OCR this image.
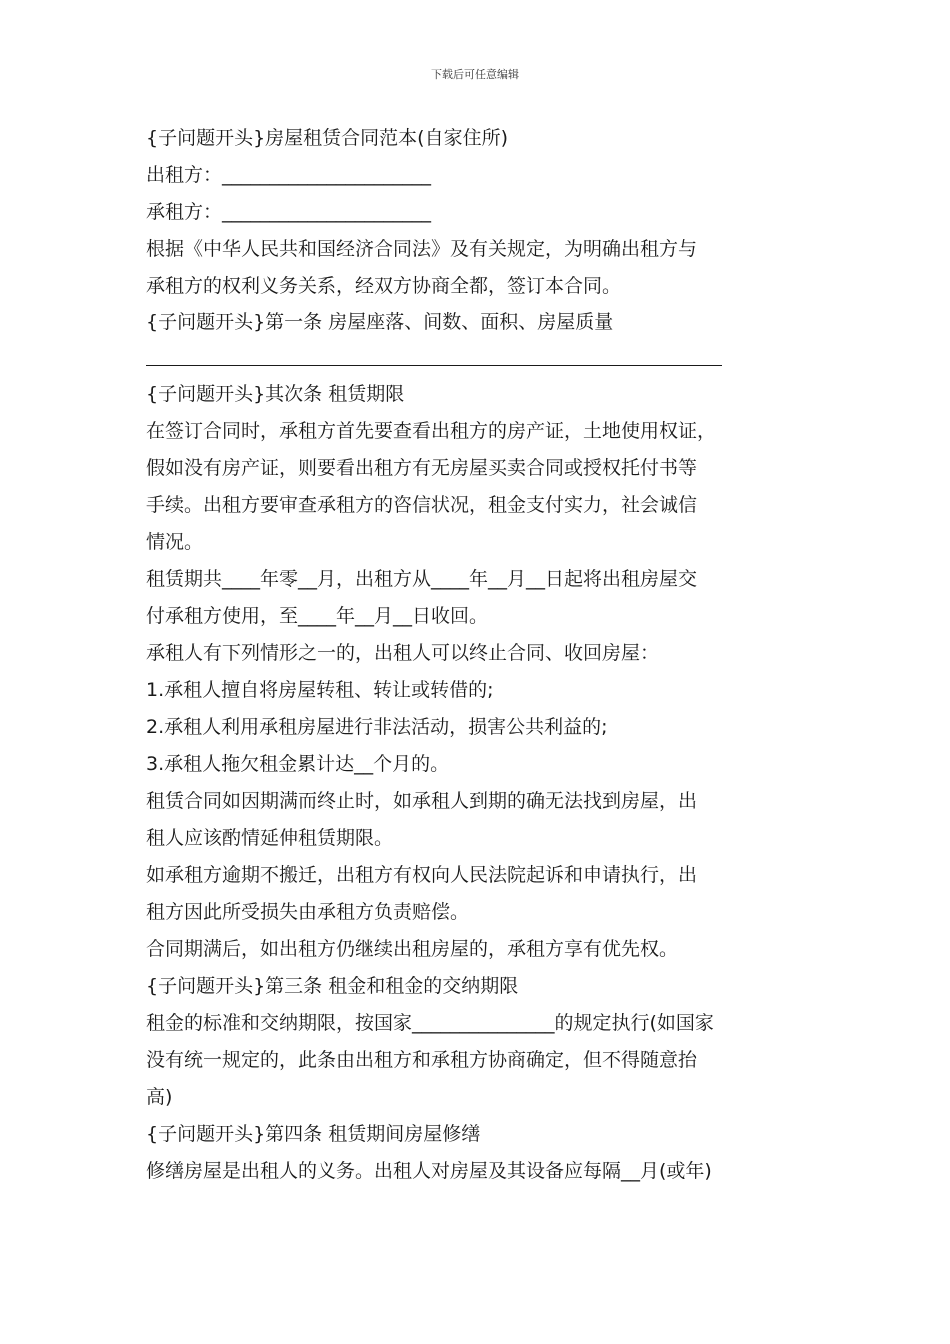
下载后可任意编辑
{子问题开头}房屋租赁合同范本(自家住所)
出租方：______________________
承租方：______________________
根据《中华人民共和国经济合同法》及有关规定，为明确出租方与
承租方的权利义务关系，经双方协商全都，签订本合同。
{子问题开头}第一条 房屋座落、间数、面积、房屋质量
{子问题开头}其次条 租赁期限
在签订合同时，承租方首先要查看出租方的房产证，土地使用权证，
假如没有房产证，则要看出租方有无房屋买卖合同或授权托付书等
手续。出租方要审查承租方的咨信状况，租金支付实力，社会诚信
情况。
租赁期共____年零__月，出租方从____年__月__日起将出租房屋交
付承租方使用，至____年__月__日收回。
承租人有下列情形之一的，出租人可以终止合同、收回房屋：
1.承租人擅自将房屋转租、转让或转借的;
2.承租人利用承租房屋进行非法活动，损害公共利益的;
3.承租人拖欠租金累计达__个月的。
租赁合同如因期满而终止时，如承租人到期的确无法找到房屋，出
租人应该酌情延伸租赁期限。
如承租方逾期不搬迁，出租方有权向人民法院起诉和申请执行，出
租方因此所受损失由承租方负责赔偿。
合同期满后，如出租方仍继续出租房屋的，承租方享有优先权。
{子问题开头}第三条 租金和租金的交纳期限
租金的标准和交纳期限，按国家_______________的规定执行(如国家
没有统一规定的，此条由出租方和承租方协商确定，但不得随意抬
高)
{子问题开头}第四条 租赁期间房屋修缮
修缮房屋是出租人的义务。出租人对房屋及其设备应每隔__月(或年)
